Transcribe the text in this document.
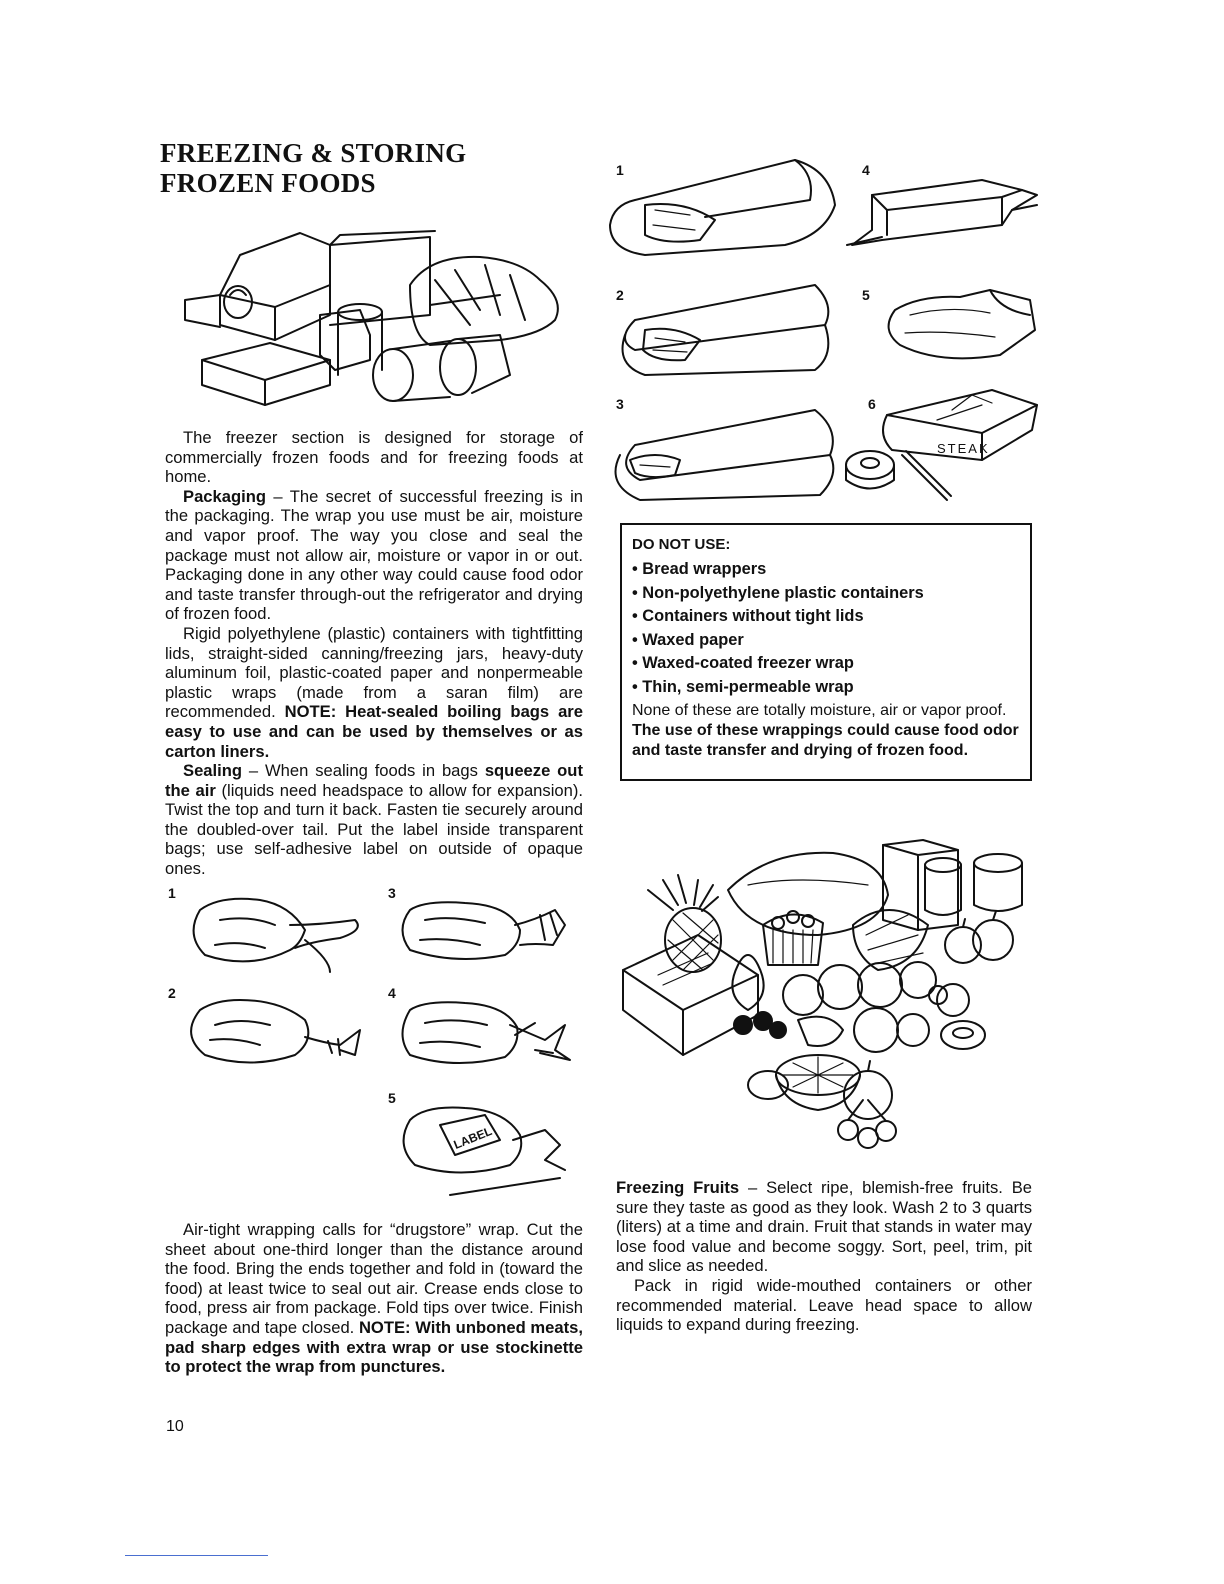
FREEZING & STORING
FROZEN FOODS

The freezer section is designed for storage of commercially frozen foods and for freezing foods at home.

Packaging – The secret of successful freezing is in the packaging. The wrap you use must be air, moisture and vapor proof. The way you close and seal the package must not allow air, moisture or vapor in or out. Packaging done in any other way could cause food odor and taste transfer through-out the refrigerator and drying of frozen food.

Rigid polyethylene (plastic) containers with tightfitting lids, straight-sided canning/freezing jars, heavy-duty aluminum foil, plastic-coated paper and nonpermeable plastic wraps (made from a saran film) are recommended. NOTE: Heat-sealed boiling bags are easy to use and can be used by themselves or as carton liners.

Sealing – When sealing foods in bags squeeze out the air (liquids need headspace to allow for expansion). Twist the top and turn it back. Fasten tie securely around the doubled-over tail. Put the label inside transparent bags; use self-adhesive label on outside of opaque ones.

1
2
3
4
5
LABEL

Air-tight wrapping calls for “drugstore” wrap. Cut the sheet about one-third longer than the distance around the food. Bring the ends together and fold in (toward the food) at least twice to seal out air. Crease ends close to food, press air from package. Fold tips over twice. Finish package and tape closed. NOTE: With unboned meats, pad sharp edges with extra wrap or use stockinette to protect the wrap from punctures.

1
2
3
4
5
6
STEAK
DO NOT USE:
• Bread wrappers
• Non-polyethylene plastic containers
• Containers without tight lids
• Waxed paper
• Waxed-coated freezer wrap
• Thin, semi-permeable wrap
None of these are totally moisture, air or vapor proof. The use of these wrappings could cause food odor and taste transfer and drying of frozen food.

Freezing Fruits – Select ripe, blemish-free fruits. Be sure they taste as good as they look. Wash 2 to 3 quarts (liters) at a time and drain. Fruit that stands in water may lose food value and become soggy. Sort, peel, trim, pit and slice as needed.

Pack in rigid wide-mouthed containers or other recommended material. Leave head space to allow liquids to expand during freezing.

10
